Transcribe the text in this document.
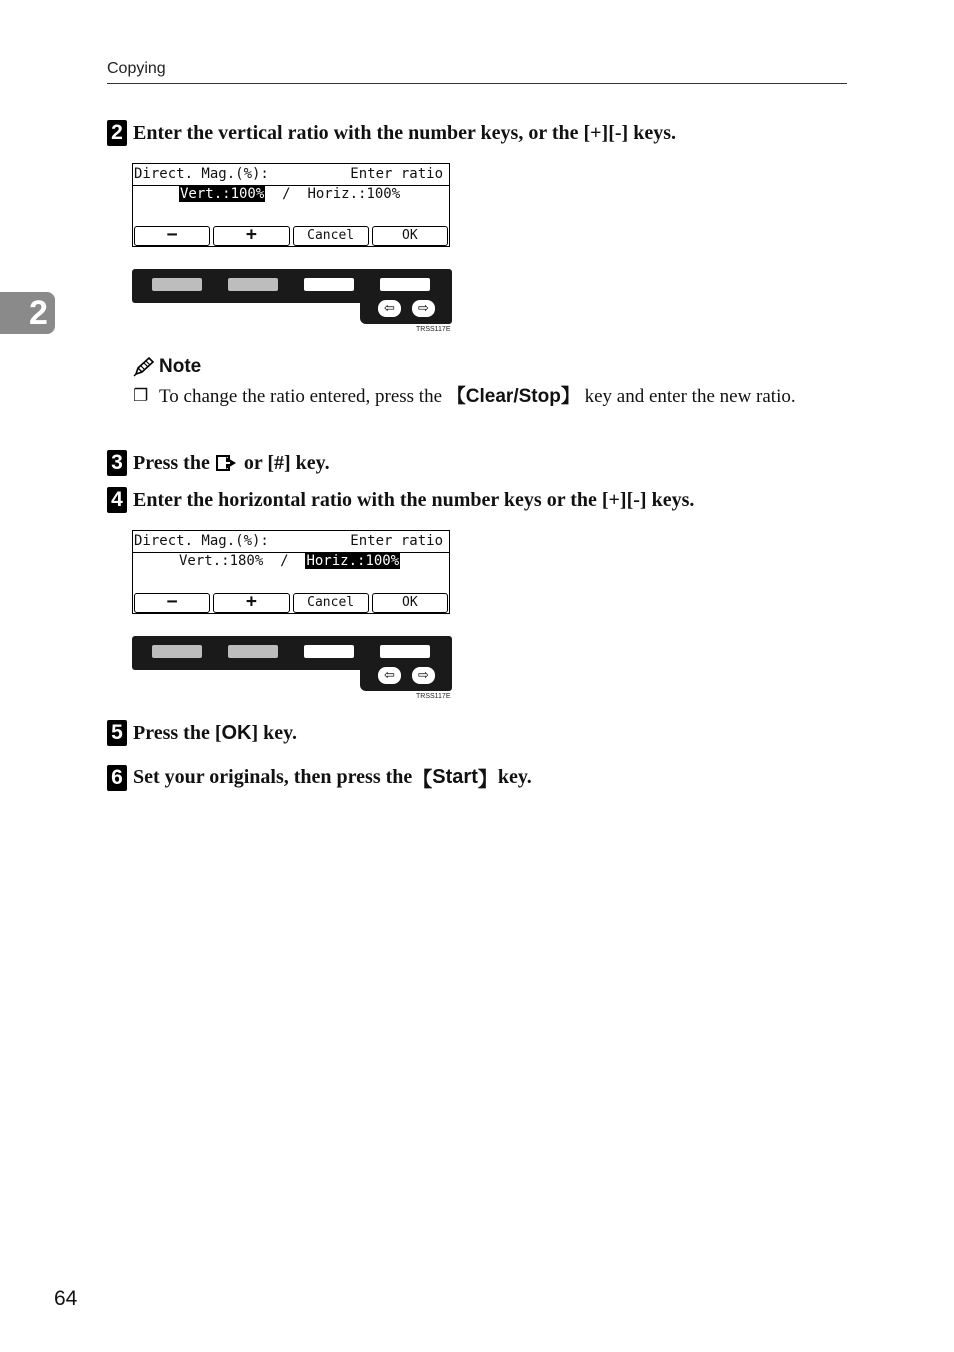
Copying
2
2 Enter the vertical ratio with the number keys, or the [+][-] keys.
Direct. Mag.(%):	Enter ratio
Vert.:100% / Horiz.:100%
−	+	Cancel	OK
⇦	⇨
TRSS117E
Note
❐ To change the ratio entered, press the 【Clear/Stop】 key and enter the new ratio.
3 Press the or [#] key.
4 Enter the horizontal ratio with the number keys or the [+][-] keys.
Direct. Mag.(%):	Enter ratio
Vert.:180% / Horiz.:100%
−	+	Cancel	OK
⇦	⇨
TRSS117E
5 Press the [ OK ] key.
6 Set your originals, then press the 【 Start 】 key.
64
